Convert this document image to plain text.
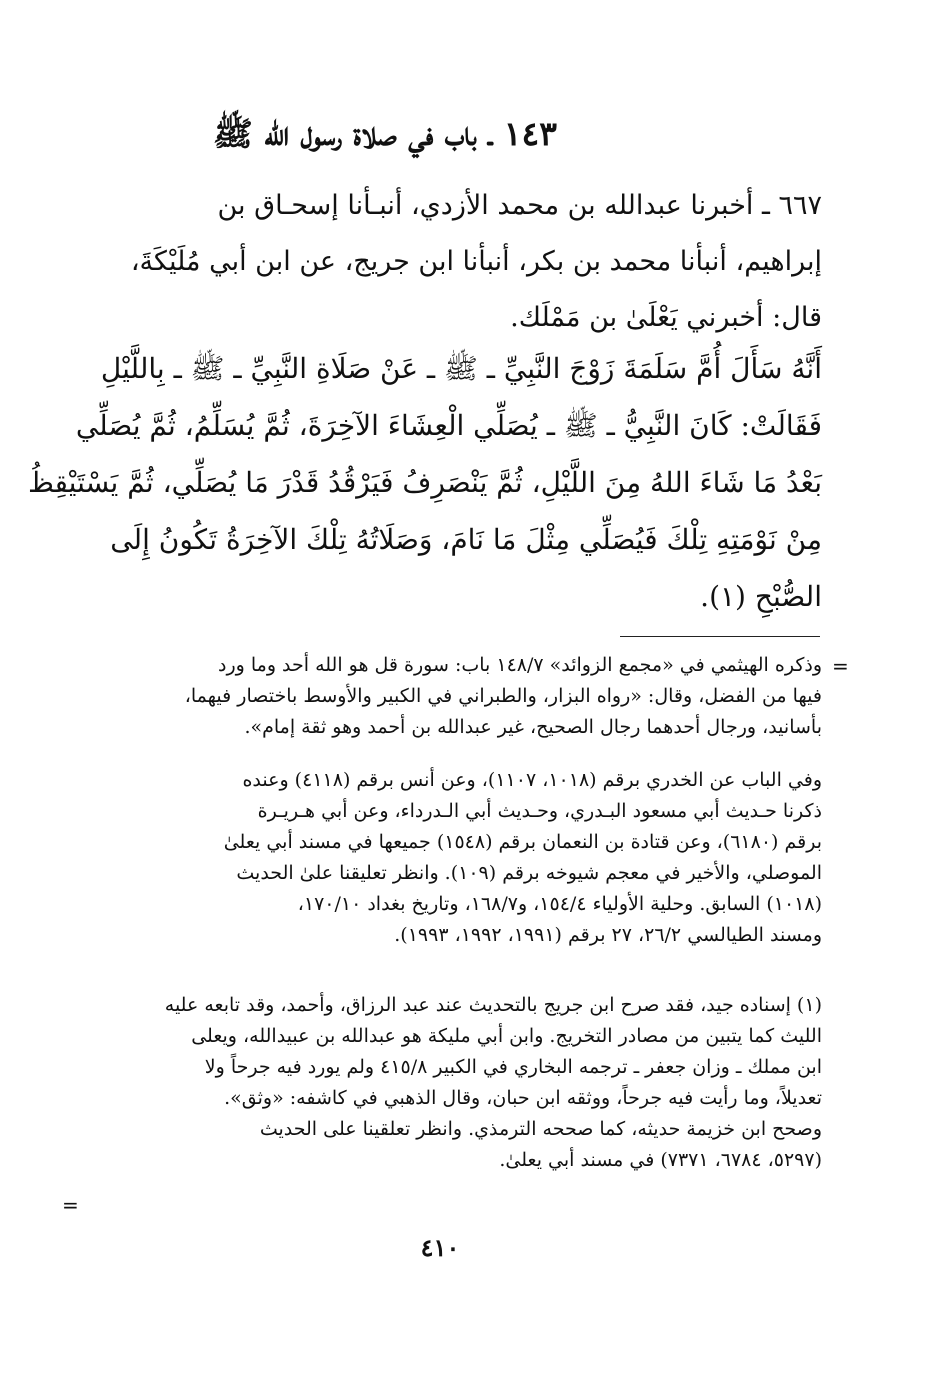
١٤٣ ـ باب في صلاة رسول الله ﷺ
٦٦٧ ـ أخبرنا عبدالله بن محمد الأزدي، أنبـأنا إسحـاق بن
إبراهيم، أنبأنا محمد بن بكر، أنبأنا ابن جريج، عن ابن أبي مُلَيْكَةَ،
قال: أخبرني يَعْلَىٰ بن مَمْلَك.
أَنَّهُ سَأَلَ أُمَّ سَلَمَةَ زَوْجَ النَّبِيِّ ـ ﷺ ـ عَنْ صَلَاةِ النَّبِيِّ ـ ﷺ ـ بِاللَّيْلِ
فَقَالَتْ: كَانَ النَّبِيُّ ـ ﷺ ـ يُصَلِّي الْعِشَاءَ الآخِرَةَ، ثُمَّ يُسَلِّمُ، ثُمَّ يُصَلِّي
بَعْدُ مَا شَاءَ اللهُ مِنَ اللَّيْلِ، ثُمَّ يَنْصَرِفُ فَيَرْقُدُ قَدْرَ مَا يُصَلِّي، ثُمَّ يَسْتَيْقِظُ
مِنْ نَوْمَتِهِ تِلْكَ فَيُصَلِّي مِثْلَ مَا نَامَ، وَصَلَاتُهُ تِلْكَ الآخِرَةُ تَكُونُ إِلَى
الصُّبْحِ (١).
=
وذكره الهيثمي في «مجمع الزوائد» ١٤٨/٧ باب: سورة قل هو الله أحد وما ورد
فيها من الفضل، وقال: «رواه البزار، والطبراني في الكبير والأوسط باختصار فيهما،
بأسانيد، ورجال أحدهما رجال الصحيح، غير عبدالله بن أحمد وهو ثقة إمام».
وفي الباب عن الخدري برقم (١٠١٨، ١١٠٧)، وعن أنس برقم (٤١١٨) وعنده
ذكرنا حـديث أبي مسعود البـدري، وحـديث أبي الـدرداء، وعن أبي هـريـرة
برقم (٦١٨٠)، وعن قتادة بن النعمان برقم (١٥٤٨) جميعها في مسند أبي يعلىٰ
الموصلي، والأخير في معجم شيوخه برقم (١٠٩). وانظر تعليقنا علىٰ الحديث
(١٠١٨) السابق. وحلية الأولياء ١٥٤/٤، و١٦٨/٧، وتاريخ بغداد ١٧٠/١٠،
ومسند الطيالسي ٢٦/٢، ٢٧ برقم (١٩٩١، ١٩٩٢، ١٩٩٣).
(١) إسناده جيد، فقد صرح ابن جريج بالتحديث عند عبد الرزاق، وأحمد، وقد تابعه عليه
الليث كما يتبين من مصادر التخريج. وابن أبي مليكة هو عبدالله بن عبيدالله، ويعلى
ابن مملك ـ وزان جعفر ـ ترجمه البخاري في الكبير ٤١٥/٨ ولم يورد فيه جرحاً ولا
تعديلاً، وما رأيت فيه جرحاً، ووثقه ابن حبان، وقال الذهبي في كاشفه: «وثق».
وصحح ابن خزيمة حديثه، كما صححه الترمذي. وانظر تعلقينا على الحديث
(٥٢٩٧، ٦٧٨٤، ٧٣٧١) في مسند أبي يعلىٰ.
=
٤١٠
